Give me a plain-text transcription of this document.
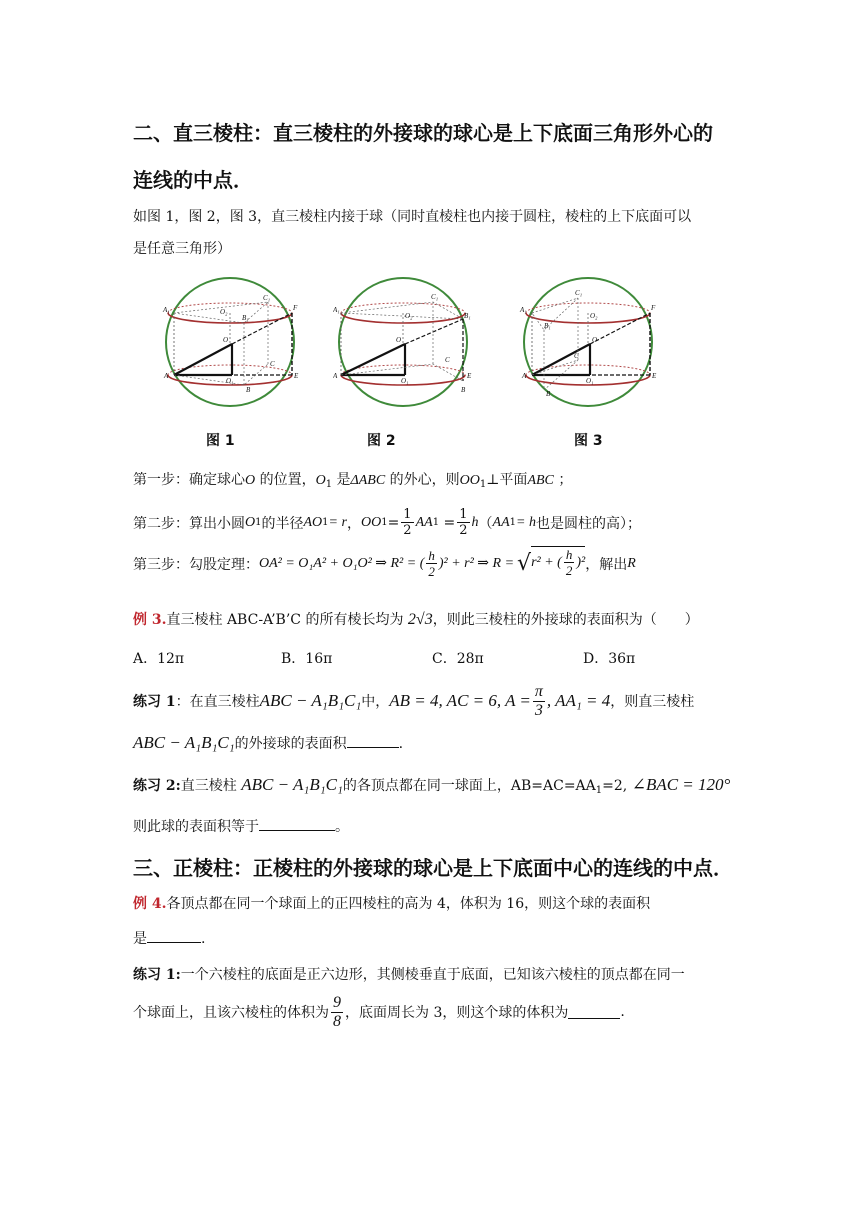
二、直三棱柱：直三棱柱的外接球的球心是上下底面三角形外心的
连线的中点．
如图 1，图 2，图 3，直三棱柱内接于球（同时直棱柱也内接于圆柱，棱柱的上下底面可以
是任意三角形）
A₁	O₂
C₁
B₁
F
O
C
A
O₁
E
B
A₁
C₁
O₂	B₁
O
C
A
O₁
B
E
C₁
A₁
O₂
F
B₁
O
C
A
O₁
E
B
图 1	图 2	图 3
第一步：确定球心O 的位置，$O_1$ 是ΔABC 的外心，则$OO_1\perp$平面ABC ；
第二步：算出小圆 O 1 的半径 AO 1 = r ， OO $1 = \frac{1}{2}$ AA $1 = \frac{1}{2}$ h （ AA 1 = h 也是圆柱的高）；
第三步：勾股定理： OA² = O₁A² + O₁O² ⇒ R² = ( $\frac{h}{2} )^2 + r^2$ ⇒ R = √ r² + ( $\frac{h}{2} )^2$ ，解出 R
例 3.直三棱柱 ABC-A’B’C 的所有棱长均为 2√3，则此三棱柱的外接球的表面积为（　　）
A．12π	B．16π	C．28π	D．36π
练习 1 ：在直三棱柱 ABC − A₁B₁C₁ 中， AB = 4, AC = 6, $A = \frac{\pi}{3}$ , AA₁ = 4 ，则直三棱柱
ABC − A₁B₁C₁的外接球的表面积	.
练习 2:直三棱柱 ABC − A₁B₁C₁的各顶点都在同一球面上，$AB=AC=AA_1=2$, ∠BAC = 120°
则此球的表面积等于	。
三、正棱柱：正棱柱的外接球的球心是上下底面中心的连线的中点．
例 4.各顶点都在同一个球面上的正四棱柱的高为 4，体积为 16，则这个球的表面积
是	.
练习 1:一个六棱柱的底面是正六边形，其侧棱垂直于底面，已知该六棱柱的顶点都在同一
个球面上，且该六棱柱的体积为 $\frac{9}{8}$ ，底面周长为 3，则这个球的体积为	.
